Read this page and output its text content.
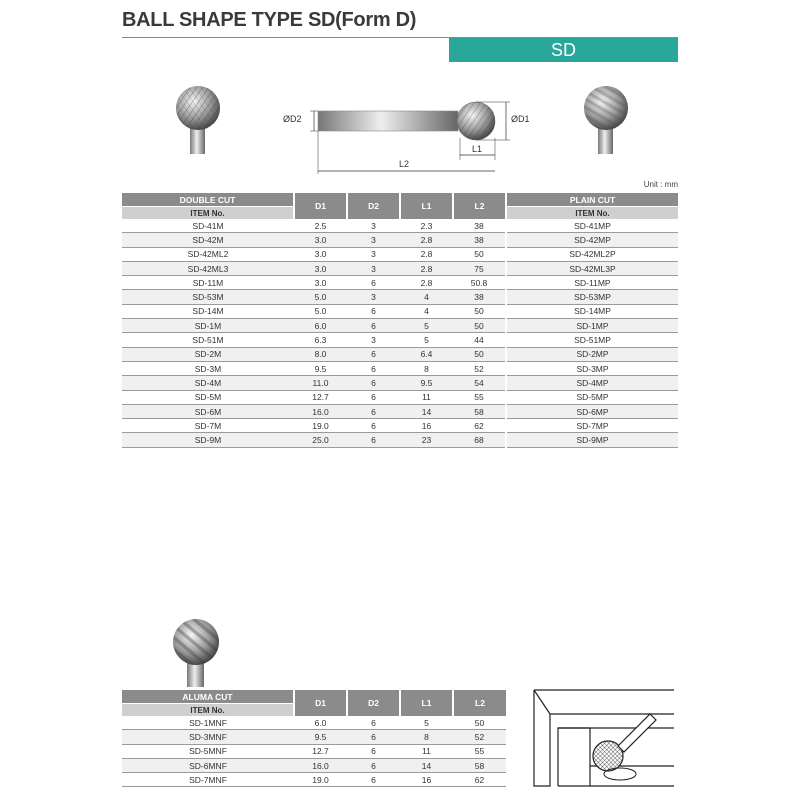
BALL SHAPE TYPE SD(Form D)
SD
ØD2	ØD1
L1
L2
Unit : mm
DOUBLE CUT	D1	D2	L1	L2	PLAIN CUT
ITEM No.					ITEM No.
SD-41M	2.5	3	2.3	38	SD-41MP
SD-42M	3.0	3	2.8	38	SD-42MP
SD-42ML2	3.0	3	2.8	50	SD-42ML2P
SD-42ML3	3.0	3	2.8	75	SD-42ML3P
SD-11M	3.0	6	2.8	50.8	SD-11MP
SD-53M	5.0	3	4	38	SD-53MP
SD-14M	5.0	6	4	50	SD-14MP
SD-1M	6.0	6	5	50	SD-1MP
SD-51M	6.3	3	5	44	SD-51MP
SD-2M	8.0	6	6.4	50	SD-2MP
SD-3M	9.5	6	8	52	SD-3MP
SD-4M	11.0	6	9.5	54	SD-4MP
SD-5M	12.7	6	11	55	SD-5MP
SD-6M	16.0	6	14	58	SD-6MP
SD-7M	19.0	6	16	62	SD-7MP
SD-9M	25.0	6	23	68	SD-9MP
ALUMA CUT	D1	D2	L1	L2
ITEM No.				
SD-1MNF	6.0	6	5	50
SD-3MNF	9.5	6	8	52
SD-5MNF	12.7	6	11	55
SD-6MNF	16.0	6	14	58
SD-7MNF	19.0	6	16	62
